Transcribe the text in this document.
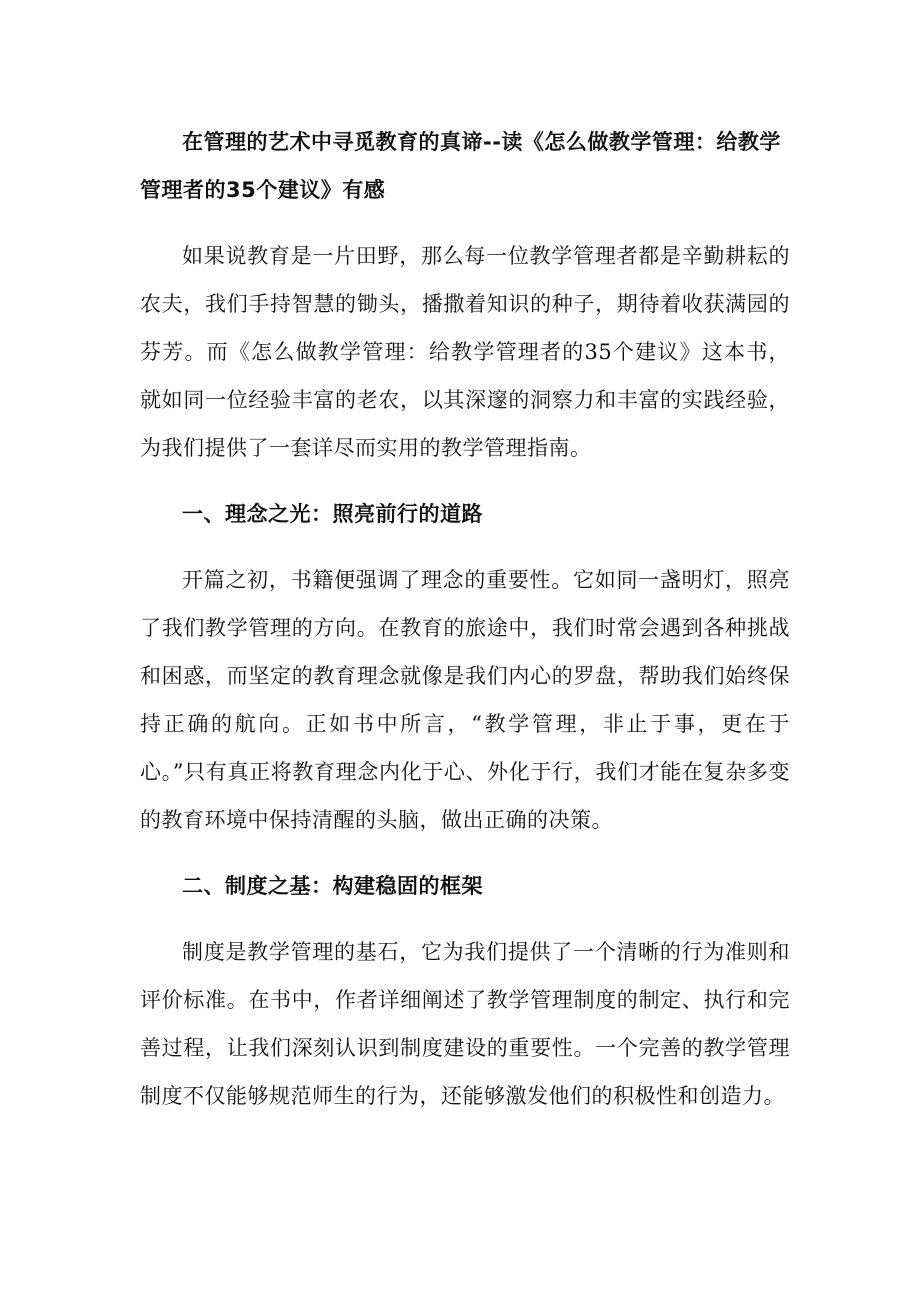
在管理的艺术中寻觅教育的真谛--读《怎么做教学管理：给教学管理者的35个建议》有感

如果说教育是一片田野，那么每一位教学管理者都是辛勤耕耘的农夫，我们手持智慧的锄头，播撒着知识的种子，期待着收获满园的芬芳。而《怎么做教学管理：给教学管理者的35个建议》这本书，就如同一位经验丰富的老农，以其深邃的洞察力和丰富的实践经验，为我们提供了一套详尽而实用的教学管理指南。

一、理念之光：照亮前行的道路

开篇之初，书籍便强调了理念的重要性。它如同一盏明灯，照亮了我们教学管理的方向。在教育的旅途中，我们时常会遇到各种挑战和困惑，而坚定的教育理念就像是我们内心的罗盘，帮助我们始终保持正确的航向。正如书中所言，“教学管理，非止于事，更在于心。”只有真正将教育理念内化于心、外化于行，我们才能在复杂多变的教育环境中保持清醒的头脑，做出正确的决策。

二、制度之基：构建稳固的框架

制度是教学管理的基石，它为我们提供了一个清晰的行为准则和评价标准。在书中，作者详细阐述了教学管理制度的制定、执行和完善过程，让我们深刻认识到制度建设的重要性。一个完善的教学管理制度不仅能够规范师生的行为，还能够激发他们的积极性和创造力。
